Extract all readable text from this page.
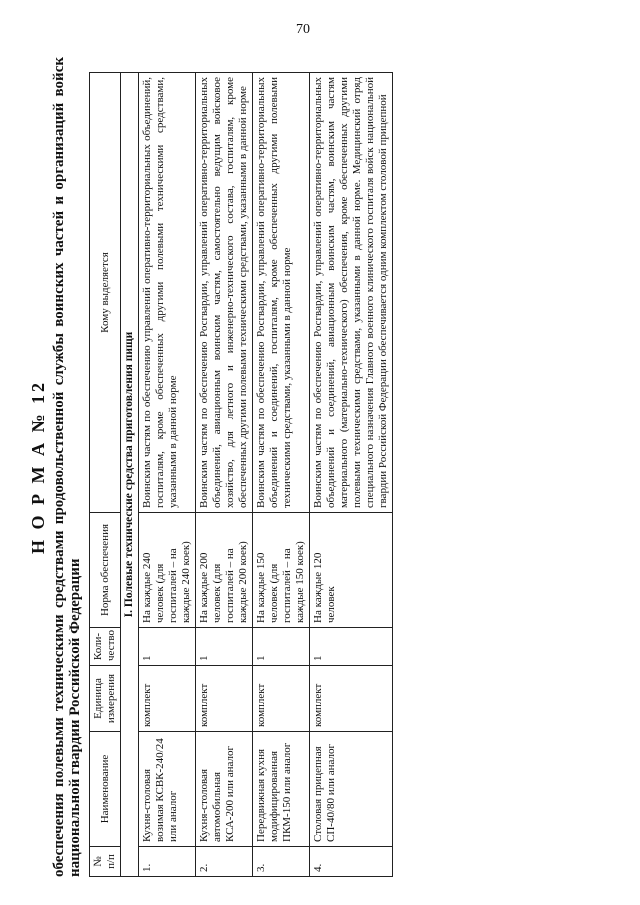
70
Н О Р М А № 12 обеспечения полевыми техническими средствами продовольственной службы воинских частей и организаций войск национальной гвардии Российской Федерации № п/п	Наименование	Единица измерения	Коли-чество	Норма обеспечения	Кому выделяется
I. Полевые технические средства приготовления пищи					
1.	Кухня-столовая возимая КСВК-240/24 или аналог	комплект	1	На каждые 240 человек (для госпиталей – на каждые 240 коек)	Воинским частям по обеспечению управлений оперативно-территориальных объединений, госпиталям, кроме обеспеченных другими полевыми техническими средствами, указанными в данной норме
2.	Кухня-столовая автомобильная КСА-200 или аналог	комплект	1	На каждые 200 человек (для госпиталей – на каждые 200 коек)	Воинским частям по обеспечению Росгвардии, управлений оперативно-территориальных объединений, авиационным воинским частям, самостоятельно ведущим войсковое хозяйство, для летного и инженерно-технического состава, госпиталям, кроме обеспеченных другими полевыми техническими средствами, указанными в данной норме
3.	Передвижная кухня модифицированная ПКМ-150 или аналог	комплект	1	На каждые 150 человек (для госпиталей – на каждые 150 коек)	Воинским частям по обеспечению Росгвардии, управлений оперативно-территориальных объединений и соединений, госпиталям, кроме обеспеченных другими полевыми техническими средствами, указанными в данной норме
4.	Столовая прицепная СП-40/80 или аналог	комплект	1	На каждые 120 человек	Воинским частям по обеспечению Росгвардии, управлений оперативно-территориальных объединений и соединений, авиационным воинским частям, воинским частям материального (материально-технического) обеспечения, кроме обеспеченных другими полевыми техническими средствами, указанными в данной норме. Медицинский отряд специального назначения Главного военного клинического госпиталя войск национальной гвардии Российской Федерации обеспечивается одним комплектом столовой прицепной
